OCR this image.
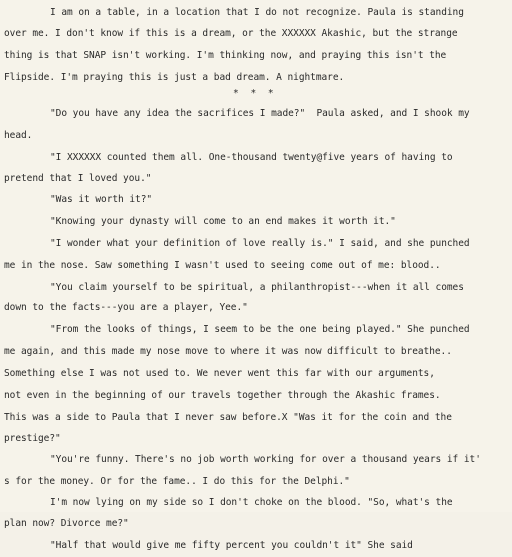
I am on a table, in a location that I do not recognize. Paula is standing
over me. I don't know if this is a dream, or the XXXXXX Akashic, but the strange
thing is that SNAP isn't working. I'm thinking now, and praying this isn't the
Flipside. I'm praying this is just a bad dream. A nightmare.
* * *
"Do you have any idea the sacrifices I made?"  Paula asked, and I shook my
head.
"I XXXXXX counted them all. One-thousand twenty@five years of having to
pretend that I loved you."
"Was it worth it?"
"Knowing your dynasty will come to an end makes it worth it."
"I wonder what your definition of love really is." I said, and she punched
me in the nose. Saw something I wasn't used to seeing come out of me: blood..
"You claim yourself to be spiritual, a philanthropist---when it all comes
down to the facts---you are a player, Yee."
"From the looks of things, I seem to be the one being played." She punched
me again, and this made my nose move to where it was now difficult to breathe..
Something else I was not used to. We never went this far with our arguments,
not even in the beginning of our travels together through the Akashic frames.
This was a side to Paula that I never saw before.X "Was it for the coin and the
prestige?"
"You're funny. There's no job worth working for over a thousand years if it'
s for the money. Or for the fame.. I do this for the Delphi."
I'm now lying on my side so I don't choke on the blood. "So, what's the
plan now? Divorce me?"
"Half that would give me fifty percent you couldn't it" She said
